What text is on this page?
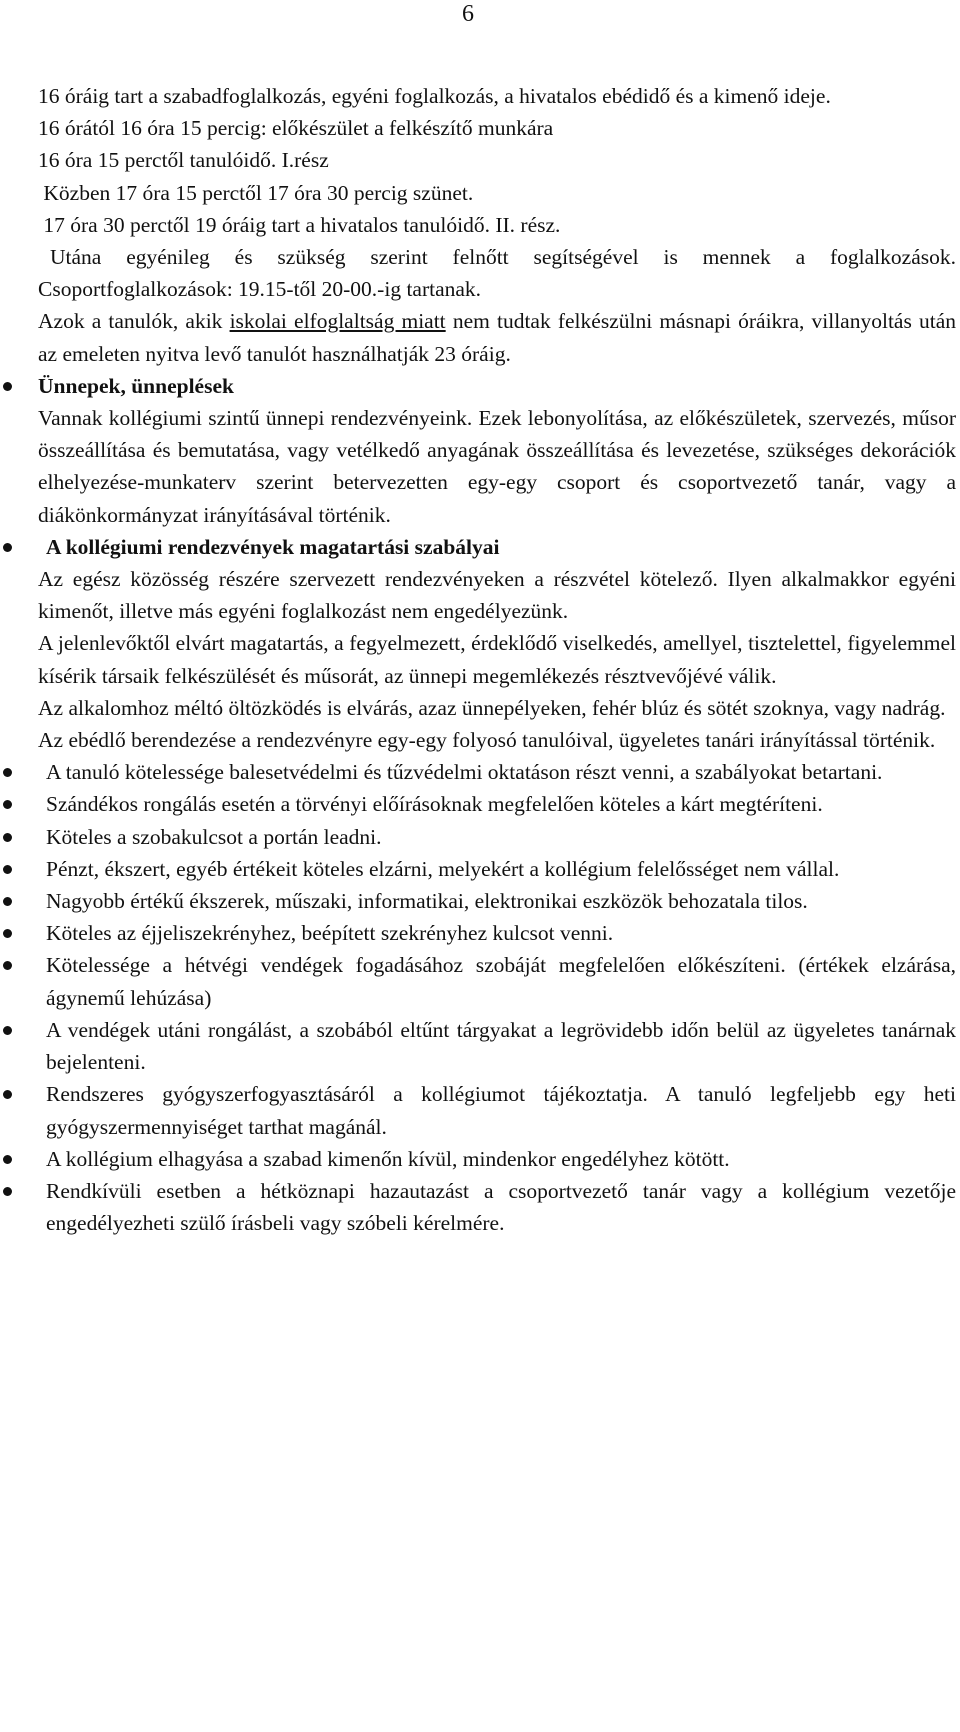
6

16 óráig tart a szabadfoglalkozás, egyéni foglalkozás, a hivatalos ebédidő és a kimenő ideje.

16 órától 16 óra 15 percig: előkészület a felkészítő munkára

16 óra 15 perctől tanulóidő. I.rész

Közben 17 óra 15 perctől 17 óra 30 percig szünet.

17 óra 30 perctől 19 óráig tart a hivatalos tanulóidő. II. rész.

Utána egyénileg és szükség szerint felnőtt segítségével is mennek a foglalkozások. Csoportfoglalkozások: 19.15-től 20-00.-ig tartanak.

Azok a tanulók, akik iskolai elfoglaltság miatt nem tudtak felkészülni másnapi óráikra, villanyoltás után az emeleten nyitva levő tanulót használhatják 23 óráig.

Ünnepek, ünneplések

Vannak kollégiumi szintű ünnepi rendezvényeink. Ezek lebonyolítása, az előkészületek, szervezés, műsor összeállítása és bemutatása, vagy vetélkedő anyagának összeállítása és levezetése, szükséges dekorációk elhelyezése-munkaterv szerint betervezetten egy-egy csoport és csoportvezető tanár, vagy a diákönkormányzat irányításával történik.

A kollégiumi rendezvények magatartási szabályai

Az egész közösség részére szervezett rendezvényeken a részvétel kötelező. Ilyen alkalmakkor egyéni kimenőt, illetve más egyéni foglalkozást nem engedélyezünk.

A jelenlevőktől elvárt magatartás, a fegyelmezett, érdeklődő viselkedés, amellyel, tisztelettel, figyelemmel kísérik társaik felkészülését és műsorát, az ünnepi megemlékezés résztvevőjévé válik.

Az alkalomhoz méltó öltözködés is elvárás, azaz ünnepélyeken, fehér blúz és sötét szoknya, vagy nadrág.

Az ebédlő berendezése a rendezvényre egy-egy folyosó tanulóival, ügyeletes tanári irányítással történik.

A tanuló kötelessége balesetvédelmi és tűzvédelmi oktatáson részt venni, a szabályokat betartani.

Szándékos rongálás esetén a törvényi előírásoknak megfelelően köteles a kárt megtéríteni.

Köteles a szobakulcsot a portán leadni.

Pénzt, ékszert, egyéb értékeit köteles elzárni, melyekért a kollégium felelősséget nem vállal.

Nagyobb értékű ékszerek, műszaki, informatikai, elektronikai eszközök behozatala tilos.

Köteles az éjjeliszekrényhez, beépített szekrényhez kulcsot venni.

Kötelessége a hétvégi vendégek fogadásához szobáját megfelelően előkészíteni. (értékek elzárása, ágynemű lehúzása)

A vendégek utáni rongálást, a szobából eltűnt tárgyakat a legrövidebb időn belül az ügyeletes tanárnak bejelenteni.

Rendszeres gyógyszerfogyasztásáról a kollégiumot tájékoztatja. A tanuló legfeljebb egy heti gyógyszermennyiséget tarthat magánál.

A kollégium elhagyása a szabad kimenőn kívül, mindenkor engedélyhez kötött.

Rendkívüli esetben a hétköznapi hazautazást a csoportvezető tanár vagy a kollégium vezetője engedélyezheti szülő írásbeli vagy szóbeli kérelmére.
